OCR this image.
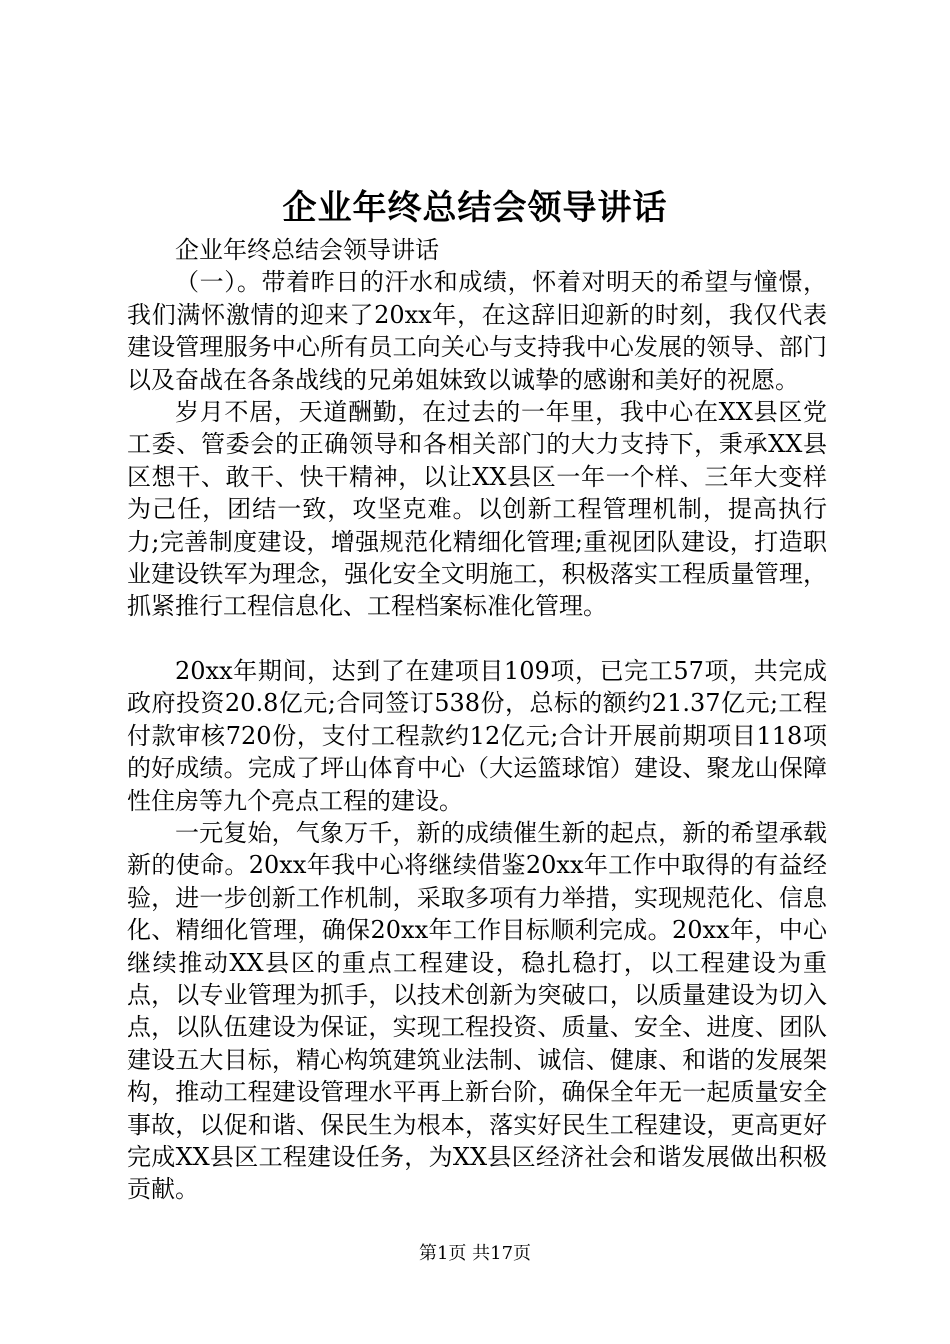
企业年终总结会领导讲话

企业年终总结会领导讲话

（一）。带着昨日的汗水和成绩，怀着对明天的希望与憧憬，我们满怀激情的迎来了20xx年，在这辞旧迎新的时刻，我仅代表建设管理服务中心所有员工向关心与支持我中心发展的领导、部门以及奋战在各条战线的兄弟姐妹致以诚挚的感谢和美好的祝愿。

岁月不居，天道酬勤，在过去的一年里，我中心在XX县区党工委、管委会的正确领导和各相关部门的大力支持下，秉承XX县区想干、敢干、快干精神，以让XX县区一年一个样、三年大变样为己任，团结一致，攻坚克难。以创新工程管理机制，提高执行力;完善制度建设，增强规范化精细化管理;重视团队建设，打造职业建设铁军为理念，强化安全文明施工，积极落实工程质量管理，抓紧推行工程信息化、工程档案标准化管理。

20xx年期间，达到了在建项目109项，已完工57项，共完成政府投资20.8亿元;合同签订538份，总标的额约21.37亿元;工程付款审核720份，支付工程款约12亿元;合计开展前期项目118项的好成绩。完成了坪山体育中心（大运篮球馆）建设、聚龙山保障性住房等九个亮点工程的建设。

一元复始，气象万千，新的成绩催生新的起点，新的希望承载新的使命。20xx年我中心将继续借鉴20xx年工作中取得的有益经验，进一步创新工作机制，采取多项有力举措，实现规范化、信息化、精细化管理，确保20xx年工作目标顺利完成。20xx年，中心继续推动XX县区的重点工程建设，稳扎稳打，以工程建设为重点，以专业管理为抓手，以技术创新为突破口，以质量建设为切入点，以队伍建设为保证，实现工程投资、质量、安全、进度、团队建设五大目标，精心构筑建筑业法制、诚信、健康、和谐的发展架构，推动工程建设管理水平再上新台阶，确保全年无一起质量安全事故，以促和谐、保民生为根本，落实好民生工程建设，更高更好完成XX县区工程建设任务，为XX县区经济社会和谐发展做出积极贡献。

第1页 共17页
